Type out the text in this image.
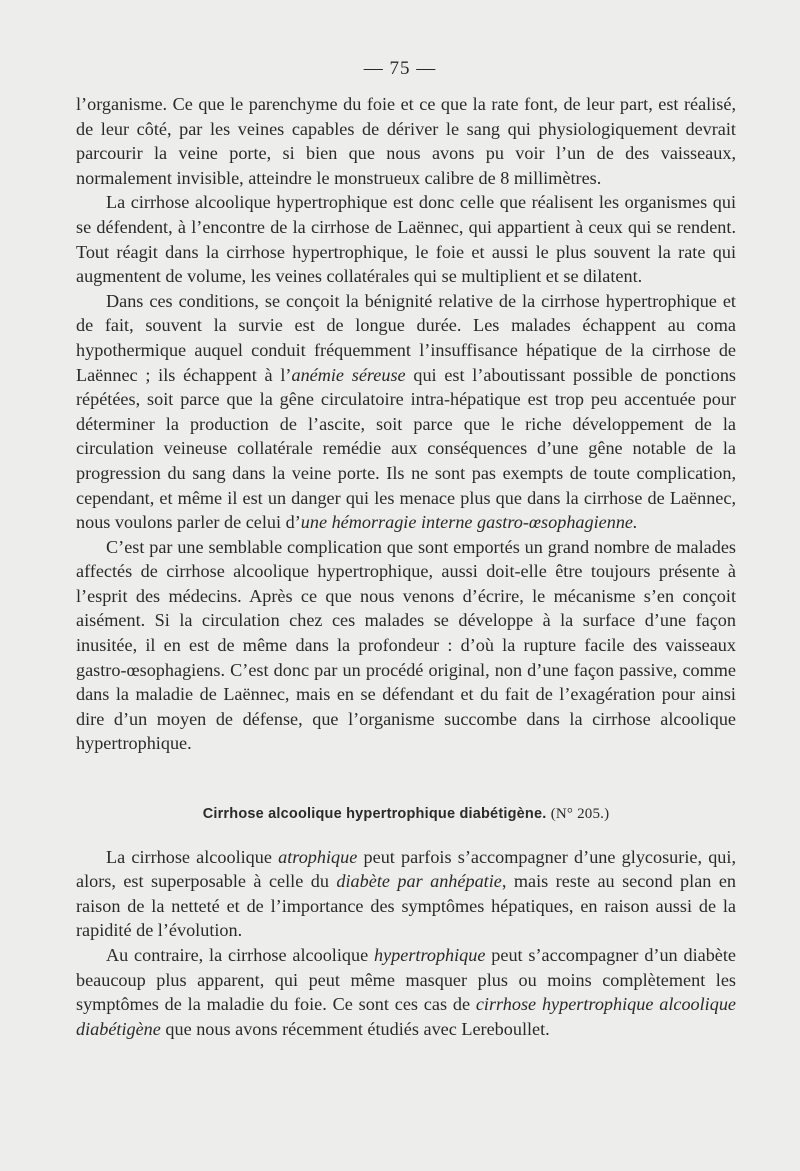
— 75 —

l’organisme. Ce que le parenchyme du foie et ce que la rate font, de leur part, est réalisé, de leur côté, par les veines capables de dériver le sang qui physiologiquement devrait parcourir la veine porte, si bien que nous avons pu voir l’un de des vaisseaux, normalement invisible, atteindre le monstrueux calibre de 8 millimètres.

La cirrhose alcoolique hypertrophique est donc celle que réalisent les organismes qui se défendent, à l’encontre de la cirrhose de Laënnec, qui appartient à ceux qui se rendent. Tout réagit dans la cirrhose hypertrophique, le foie et aussi le plus souvent la rate qui augmentent de volume, les veines collatérales qui se multiplient et se dilatent.

Dans ces conditions, se conçoit la bénignité relative de la cirrhose hypertrophique et de fait, souvent la survie est de longue durée. Les malades échappent au coma hypothermique auquel conduit fréquemment l’insuffisance hépatique de la cirrhose de Laënnec ; ils échappent à l’anémie séreuse qui est l’aboutissant possible de ponctions répétées, soit parce que la gêne circulatoire intra-hépatique est trop peu accentuée pour déterminer la production de l’ascite, soit parce que le riche développement de la circulation veineuse collatérale remédie aux conséquences d’une gêne notable de la progression du sang dans la veine porte. Ils ne sont pas exempts de toute complication, cependant, et même il est un danger qui les menace plus que dans la cirrhose de Laënnec, nous voulons parler de celui d’une hémorragie interne gastro-œsophagienne.

C’est par une semblable complication que sont emportés un grand nombre de malades affectés de cirrhose alcoolique hypertrophique, aussi doit-elle être toujours présente à l’esprit des médecins. Après ce que nous venons d’écrire, le mécanisme s’en conçoit aisément. Si la circulation chez ces malades se développe à la surface d’une façon inusitée, il en est de même dans la profondeur : d’où la rupture facile des vaisseaux gastro-œsophagiens. C’est donc par un procédé original, non d’une façon passive, comme dans la maladie de Laënnec, mais en se défendant et du fait de l’exagération pour ainsi dire d’un moyen de défense, que l’organisme succombe dans la cirrhose alcoolique hypertrophique.

Cirrhose alcoolique hypertrophique diabétigène. (N° 205.)

La cirrhose alcoolique atrophique peut parfois s’accompagner d’une glycosurie, qui, alors, est superposable à celle du diabète par anhépatie, mais reste au second plan en raison de la netteté et de l’importance des symptômes hépatiques, en raison aussi de la rapidité de l’évolution.

Au contraire, la cirrhose alcoolique hypertrophique peut s’accompagner d’un diabète beaucoup plus apparent, qui peut même masquer plus ou moins complètement les symptômes de la maladie du foie. Ce sont ces cas de cirrhose hypertrophique alcoolique diabétigène que nous avons récemment étudiés avec Lereboullet.
